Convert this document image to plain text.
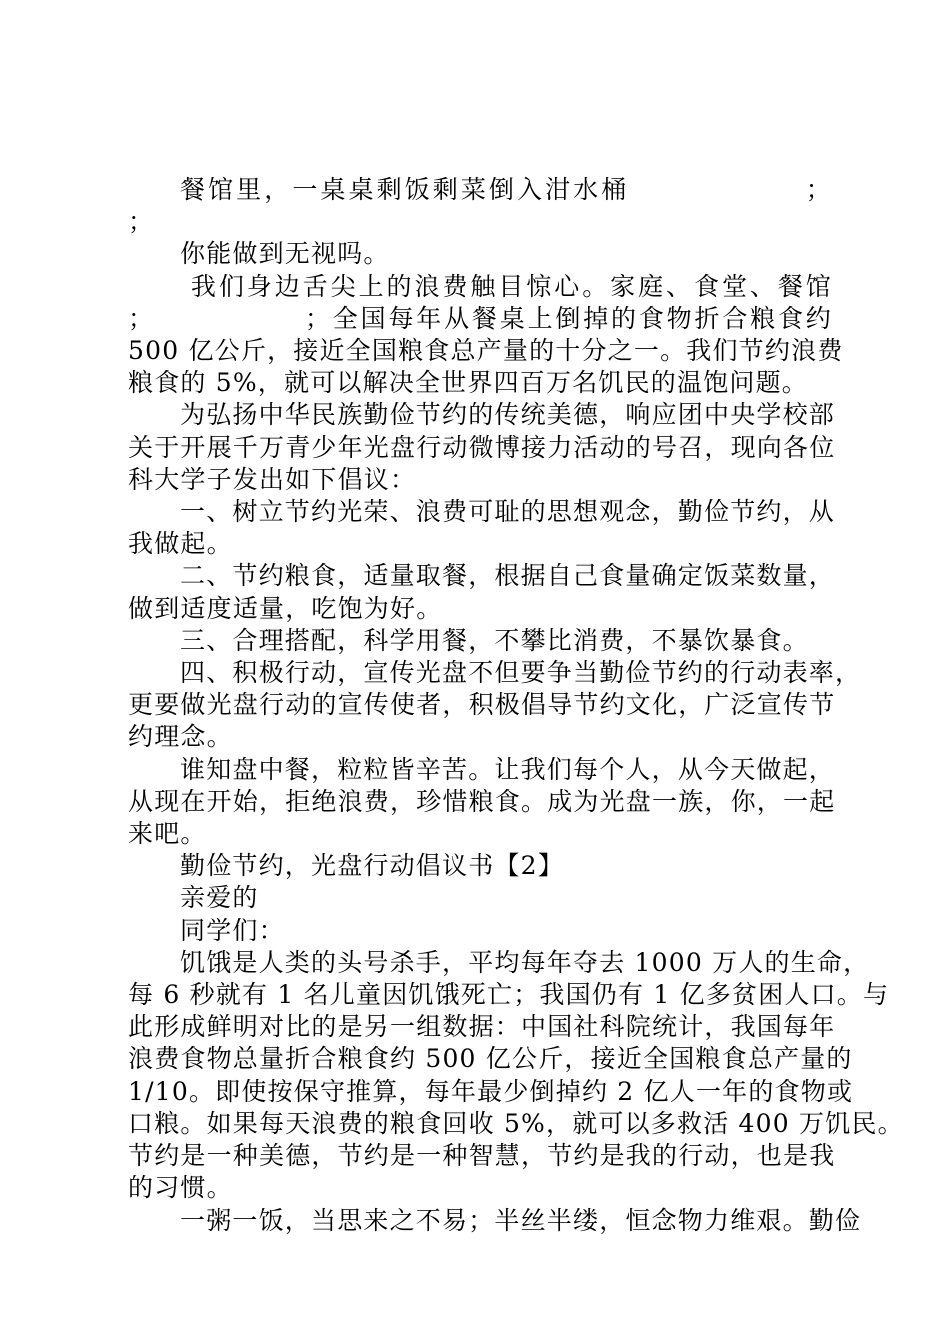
餐馆里，一桌桌剩饭剩菜倒入泔水桶                ；
；

你能做到无视吗。

我们身边舌尖上的浪费触目惊心。家庭、食堂、餐馆
；              ；全国每年从餐桌上倒掉的食物折合粮食约
500 亿公斤，接近全国粮食总产量的十分之一。我们节约浪费
粮食的 5%，就可以解决全世界四百万名饥民的温饱问题。

为弘扬中华民族勤俭节约的传统美德，响应团中央学校部
关于开展千万青少年光盘行动微博接力活动的号召，现向各位
科大学子发出如下倡议：

一、树立节约光荣、浪费可耻的思想观念，勤俭节约，从
我做起。

二、节约粮食，适量取餐，根据自己食量确定饭菜数量，
做到适度适量，吃饱为好。

三、合理搭配，科学用餐，不攀比消费，不暴饮暴食。

四、积极行动，宣传光盘不但要争当勤俭节约的行动表率，
更要做光盘行动的宣传使者，积极倡导节约文化，广泛宣传节
约理念。

谁知盘中餐，粒粒皆辛苦。让我们每个人，从今天做起，
从现在开始，拒绝浪费，珍惜粮食。成为光盘一族，你，一起
来吧。

勤俭节约，光盘行动倡议书【2】

亲爱的

同学们：

饥饿是人类的头号杀手，平均每年夺去 1000 万人的生命，
每 6 秒就有 1 名儿童因饥饿死亡；我国仍有 1 亿多贫困人口。与
此形成鲜明对比的是另一组数据：中国社科院统计，我国每年
浪费食物总量折合粮食约 500 亿公斤，接近全国粮食总产量的
1/10。即使按保守推算，每年最少倒掉约 2 亿人一年的食物或
口粮。如果每天浪费的粮食回收 5%，就可以多救活 400 万饥民。
节约是一种美德，节约是一种智慧，节约是我的行动，也是我
的习惯。

一粥一饭，当思来之不易；半丝半缕，恒念物力维艰。勤俭
